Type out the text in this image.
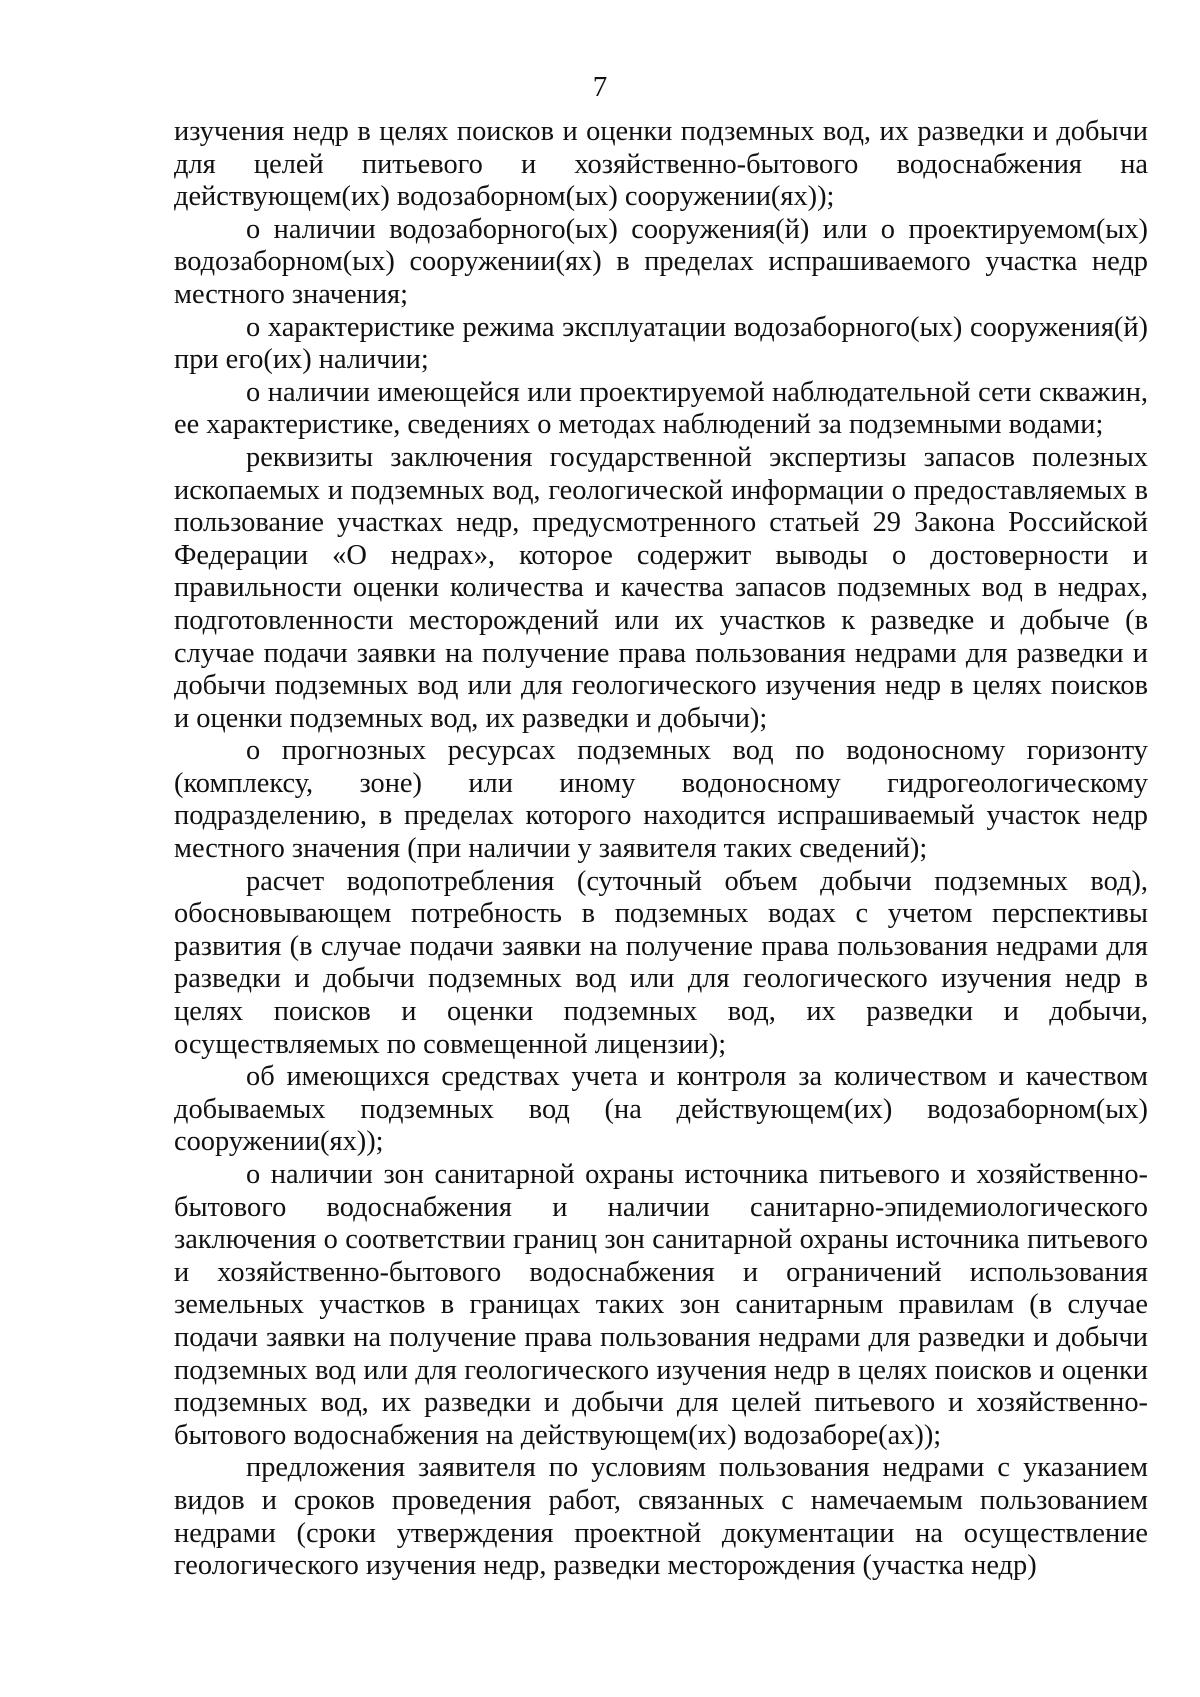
7

изучения недр в целях поисков и оценки подземных вод, их разведки и добычи для целей питьевого и хозяйственно-бытового водоснабжения на действующем(их) водозаборном(ых) сооружении(ях));

о наличии водозаборного(ых) сооружения(й) или о проектируемом(ых) водозаборном(ых) сооружении(ях) в пределах испрашиваемого участка недр местного значения;

о характеристике режима эксплуатации водозаборного(ых) сооружения(й) при его(их) наличии;

о наличии имеющейся или проектируемой наблюдательной сети скважин, ее характеристике, сведениях о методах наблюдений за подземными водами;

реквизиты заключения государственной экспертизы запасов полезных ископаемых и подземных вод, геологической информации о предоставляемых в пользование участках недр, предусмотренного статьей 29 Закона Российской Федерации «О недрах», которое содержит выводы о достоверности и правильности оценки количества и качества запасов подземных вод в недрах, подготовленности месторождений или их участков к разведке и добыче (в случае подачи заявки на получение права пользования недрами для разведки и добычи подземных вод или для геологического изучения недр в целях поисков и оценки подземных вод, их разведки и добычи);

о прогнозных ресурсах подземных вод по водоносному горизонту (комплексу, зоне) или иному водоносному гидрогеологическому подразделению, в пределах которого находится испрашиваемый участок недр местного значения (при наличии у заявителя таких сведений);

расчет водопотребления (суточный объем добычи подземных вод), обосновывающем потребность в подземных водах с учетом перспективы развития (в случае подачи заявки на получение права пользования недрами для разведки и добычи подземных вод или для геологического изучения недр в целях поисков и оценки подземных вод, их разведки и добычи, осуществляемых по совмещенной лицензии);

об имеющихся средствах учета и контроля за количеством и качеством добываемых подземных вод (на действующем(их) водозаборном(ых) сооружении(ях));

о наличии зон санитарной охраны источника питьевого и хозяйственно-бытового водоснабжения и наличии санитарно-эпидемиологического заключения о соответствии границ зон санитарной охраны источника питьевого и хозяйственно-бытового водоснабжения и ограничений использования земельных участков в границах таких зон санитарным правилам (в случае подачи заявки на получение права пользования недрами для разведки и добычи подземных вод или для геологического изучения недр в целях поисков и оценки подземных вод, их разведки и добычи для целей питьевого и хозяйственно-бытового водоснабжения на действующем(их) водозаборе(ах));

предложения заявителя по условиям пользования недрами с указанием видов и сроков проведения работ, связанных с намечаемым пользованием недрами (сроки утверждения проектной документации на осуществление геологического изучения недр, разведки месторождения (участка недр)
